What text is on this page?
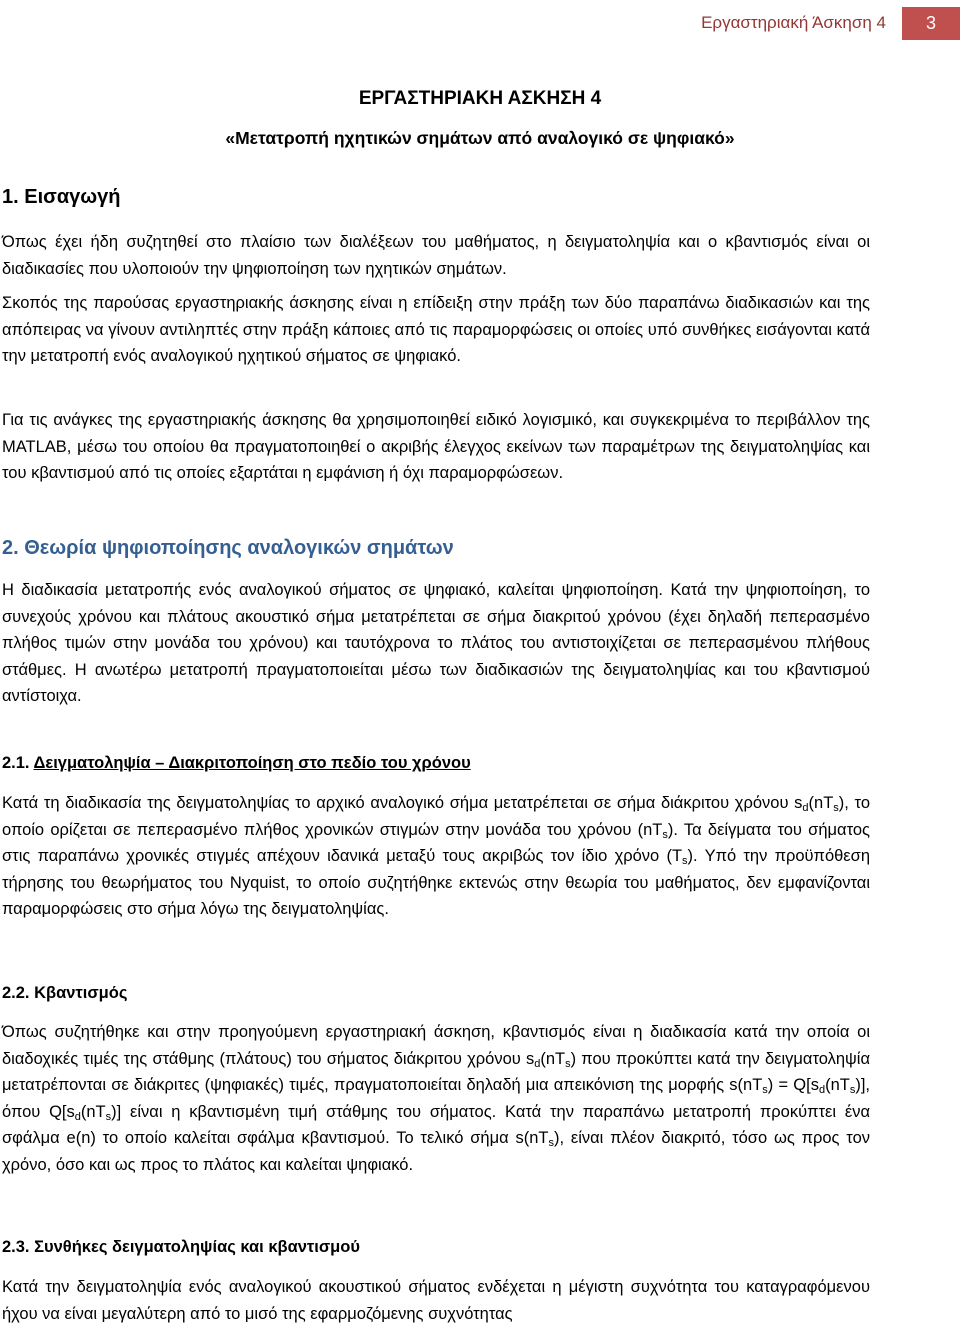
Εργαστηριακή Άσκηση 4	3
ΕΡΓΑΣΤΗΡΙΑΚΗ ΑΣΚΗΣΗ 4
«Μετατροπή ηχητικών σημάτων από αναλογικό σε ψηφιακό»
1. Εισαγωγή

Όπως έχει ήδη συζητηθεί στο πλαίσιο των διαλέξεων του μαθήματος, η δειγματοληψία και ο κβαντισμός είναι οι διαδικασίες που υλοποιούν την ψηφιοποίηση των ηχητικών σημάτων.

Σκοπός της παρούσας εργαστηριακής άσκησης είναι η επίδειξη στην πράξη των δύο παραπάνω διαδικασιών και της απόπειρας να γίνουν αντιληπτές στην πράξη κάποιες από τις παραμορφώσεις οι οποίες υπό συνθήκες εισάγονται κατά την μετατροπή ενός αναλογικού ηχητικού σήματος σε ψηφιακό.

Για τις ανάγκες της εργαστηριακής άσκησης θα χρησιμοποιηθεί ειδικό λογισμικό, και συγκεκριμένα το περιβάλλον της MATLAB, μέσω του οποίου θα πραγματοποιηθεί ο ακριβής έλεγχος εκείνων των παραμέτρων της δειγματοληψίας και του κβαντισμού από τις οποίες εξαρτάται η εμφάνιση ή όχι παραμορφώσεων.

2. Θεωρία ψηφιοποίησης αναλογικών σημάτων

Η διαδικασία μετατροπής ενός αναλογικού σήματος σε ψηφιακό, καλείται ψηφιοποίηση. Κατά την ψηφιοποίηση, το συνεχούς χρόνου και πλάτους ακουστικό σήμα μετατρέπεται σε σήμα διακριτού χρόνου (έχει δηλαδή πεπερασμένο πλήθος τιμών στην μονάδα του χρόνου) και ταυτόχρονα το πλάτος του αντιστοιχίζεται σε πεπερασμένου πλήθους στάθμες. Η ανωτέρω μετατροπή πραγματοποιείται μέσω των διαδικασιών της δειγματοληψίας και του κβαντισμού αντίστοιχα.

2.1. Δειγματοληψία – Διακριτοποίηση στο πεδίο του χρόνου

Κατά τη διαδικασία της δειγματοληψίας το αρχικό αναλογικό σήμα μετατρέπεται σε σήμα διάκριτου χρόνου $s_d(nT_s)$, το οποίο ορίζεται σε πεπερασμένο πλήθος χρονικών στιγμών στην μονάδα του χρόνου $(nT_s)$. Τα δείγματα του σήματος στις παραπάνω χρονικές στιγμές απέχουν ιδανικά μεταξύ τους ακριβώς τον ίδιο χρόνο $(T_s)$. Υπό την προϋπόθεση τήρησης του θεωρήματος του Nyquist, το οποίο συζητήθηκε εκτενώς στην θεωρία του μαθήματος, δεν εμφανίζονται παραμορφώσεις στο σήμα λόγω της δειγματοληψίας.

2.2. Κβαντισμός

Όπως συζητήθηκε και στην προηγούμενη εργαστηριακή άσκηση, κβαντισμός είναι η διαδικασία κατά την οποία οι διαδοχικές τιμές της στάθμης (πλάτους) του σήματος διάκριτου χρόνου $s_d(nT_s)$ που προκύπτει κατά την δειγματοληψία μετατρέπονται σε διάκριτες (ψηφιακές) τιμές, πραγματοποιείται δηλαδή μια απεικόνιση της μορφής $s(nT_s) = Q[s_d(nT_s)]$, όπου $Q[s_d(nT_s)]$ είναι η κβαντισμένη τιμή στάθμης του σήματος. Κατά την παραπάνω μετατροπή προκύπτει ένα σφάλμα e(n) το οποίο καλείται σφάλμα κβαντισμού. Το τελικό σήμα $s(nT_s)$, είναι πλέον διακριτό, τόσο ως προς τον χρόνο, όσο και ως προς το πλάτος και καλείται ψηφιακό.

2.3. Συνθήκες δειγματοληψίας και κβαντισμού

Κατά την δειγματοληψία ενός αναλογικού ακουστικού σήματος ενδέχεται η μέγιστη συχνότητα του καταγραφόμενου ήχου να είναι μεγαλύτερη από το μισό της εφαρμοζόμενης συχνότητας
